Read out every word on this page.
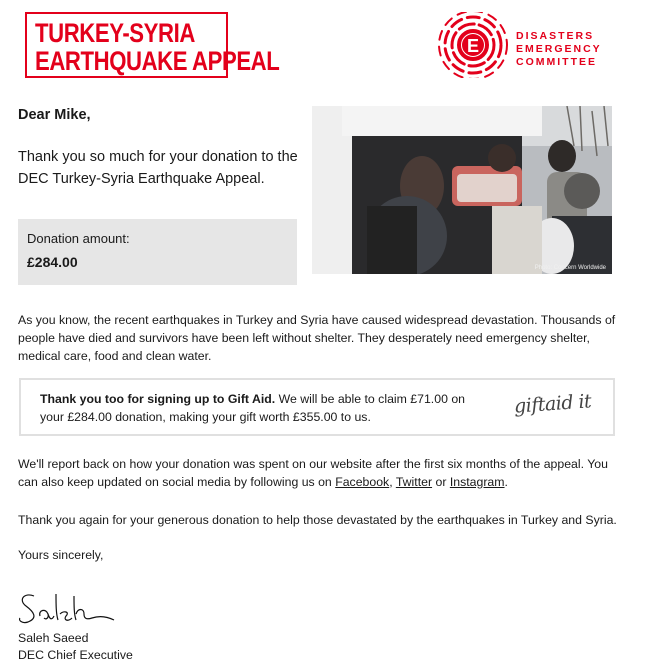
TURKEY-SYRIA
EARTHQUAKE APPEAL	E	DISASTERS
EMERGENCY
COMMITTEE
Dear Mike,
Thank you so much for your donation to the DEC Turkey-Syria Earthquake Appeal.
Donation amount:
£284.00	Photo: Concern Worldwide
As you know, the recent earthquakes in Turkey and Syria have caused widespread devastation. Thousands of people have died and survivors have been left without shelter. They desperately need emergency shelter, medical care, food and clean water.
Thank you too for signing up to Gift Aid. We will be able to claim £71.00 on your £284.00 donation, making your gift worth £355.00 to us.	giftaid it
We'll report back on how your donation was spent on our website after the first six months of the appeal. You can also keep updated on social media by following us on Facebook, Twitter or Instagram.
Thank you again for your generous donation to help those devastated by the earthquakes in Turkey and Syria.
Yours sincerely,
Saleh Saeed
DEC Chief Executive
